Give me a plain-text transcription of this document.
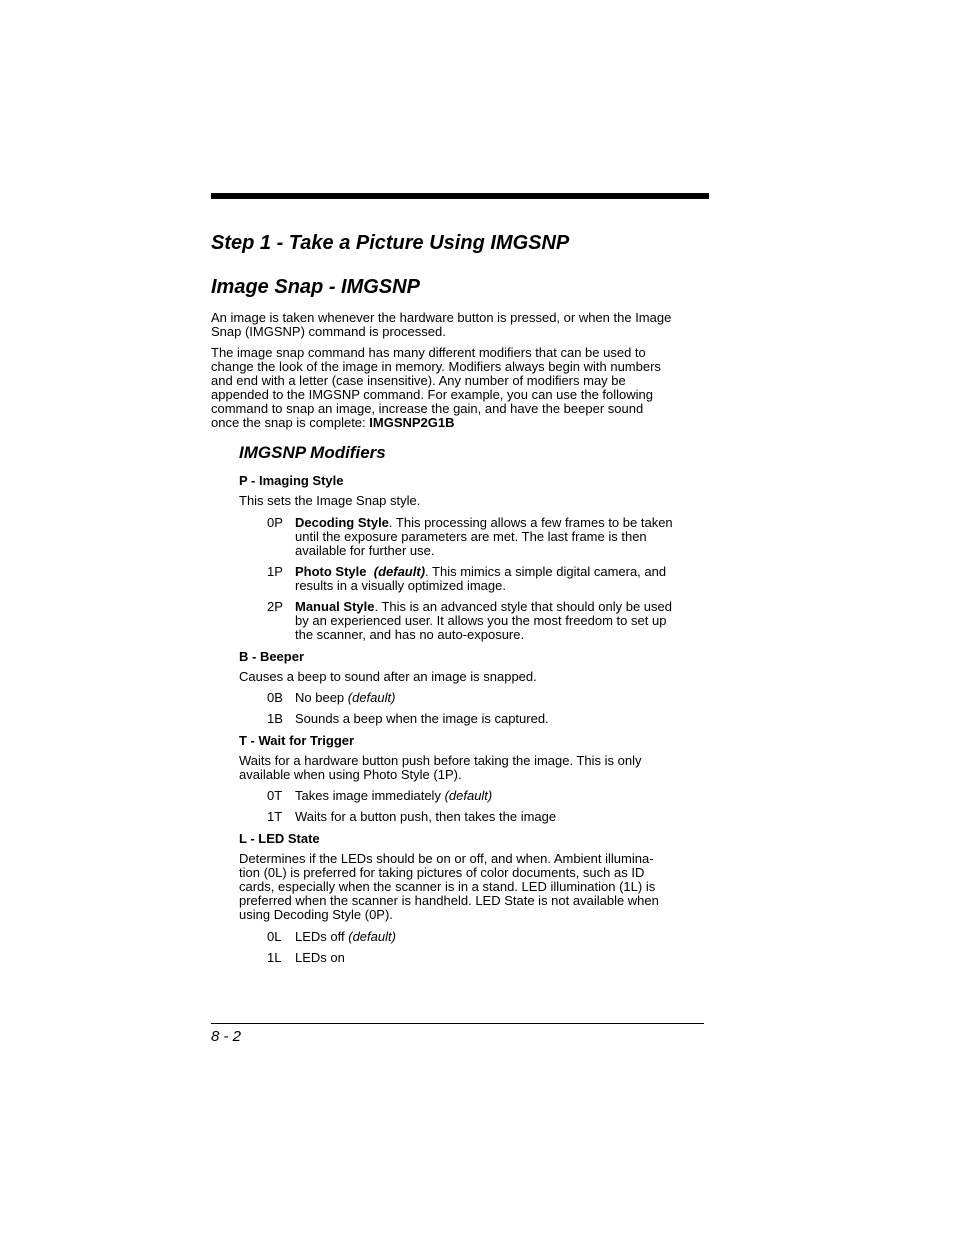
Step 1 - Take a Picture Using IMGSNP
Image Snap - IMGSNP
An image is taken whenever the hardware button is pressed, or when the Image
Snap (IMGSNP) command is processed.
The image snap command has many different modifiers that can be used to
change the look of the image in memory. Modifiers always begin with numbers
and end with a letter (case insensitive). Any number of modifiers may be
appended to the IMGSNP command. For example, you can use the following
command to snap an image, increase the gain, and have the beeper sound
once the snap is complete: IMGSNP2G1B
IMGSNP Modifiers
P - Imaging Style
This sets the Image Snap style.
0P Decoding Style. This processing allows a few frames to be taken
until the exposure parameters are met. The last frame is then
available for further use.
1P Photo Style (default). This mimics a simple digital camera, and
results in a visually optimized image.
2P Manual Style. This is an advanced style that should only be used
by an experienced user. It allows you the most freedom to set up
the scanner, and has no auto-exposure.
B - Beeper
Causes a beep to sound after an image is snapped.
0B No beep (default)
1B Sounds a beep when the image is captured.
T - Wait for Trigger
Waits for a hardware button push before taking the image. This is only
available when using Photo Style (1P).
0T Takes image immediately (default)
1T Waits for a button push, then takes the image
L - LED State
Determines if the LEDs should be on or off, and when. Ambient illumina-
tion (0L) is preferred for taking pictures of color documents, such as ID
cards, especially when the scanner is in a stand. LED illumination (1L) is
preferred when the scanner is handheld. LED State is not available when
using Decoding Style (0P).
0L LEDs off (default)
1L LEDs on
8 - 2
